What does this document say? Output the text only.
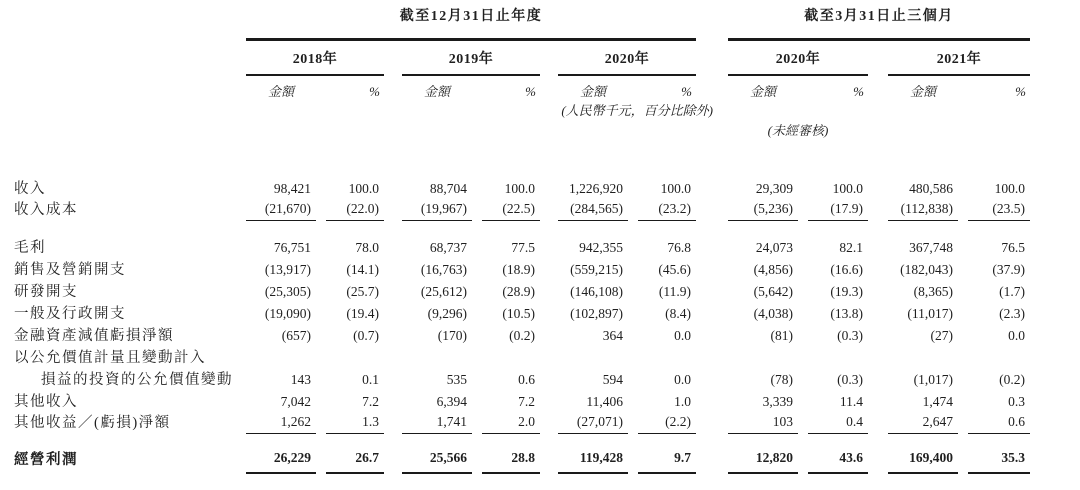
截至12月31日止年度	截至3月31日止三個月
2018年	2019年	2020年	2020年	2021年
金額	%	金額	%	金額	%	金額	%	金額	%
(人民幣千元，百分比除外)
(未經審核)
收入	98,421	100.0	88,704	100.0	1,226,920	100.0	29,309	100.0	480,586	100.0
收入成本	(21,670)	(22.0)	(19,967)	(22.5)	(284,565)	(23.2)	(5,236)	(17.9)	(112,838)	(23.5)
毛利	76,751	78.0	68,737	77.5	942,355	76.8	24,073	82.1	367,748	76.5
銷售及營銷開支	(13,917)	(14.1)	(16,763)	(18.9)	(559,215)	(45.6)	(4,856)	(16.6)	(182,043)	(37.9)
研發開支	(25,305)	(25.7)	(25,612)	(28.9)	(146,108)	(11.9)	(5,642)	(19.3)	(8,365)	(1.7)
一般及行政開支	(19,090)	(19.4)	(9,296)	(10.5)	(102,897)	(8.4)	(4,038)	(13.8)	(11,017)	(2.3)
金融資產減值虧損淨額	(657)	(0.7)	(170)	(0.2)	364	0.0	(81)	(0.3)	(27)	0.0
以公允價值計量且變動計入
損益的投資的公允價值變動	143	0.1	535	0.6	594	0.0	(78)	(0.3)	(1,017)	(0.2)
其他收入	7,042	7.2	6,394	7.2	11,406	1.0	3,339	11.4	1,474	0.3
其他收益／(虧損)淨額	1,262	1.3	1,741	2.0	(27,071)	(2.2)	103	0.4	2,647	0.6
經營利潤	26,229	26.7	25,566	28.8	119,428	9.7	12,820	43.6	169,400	35.3
